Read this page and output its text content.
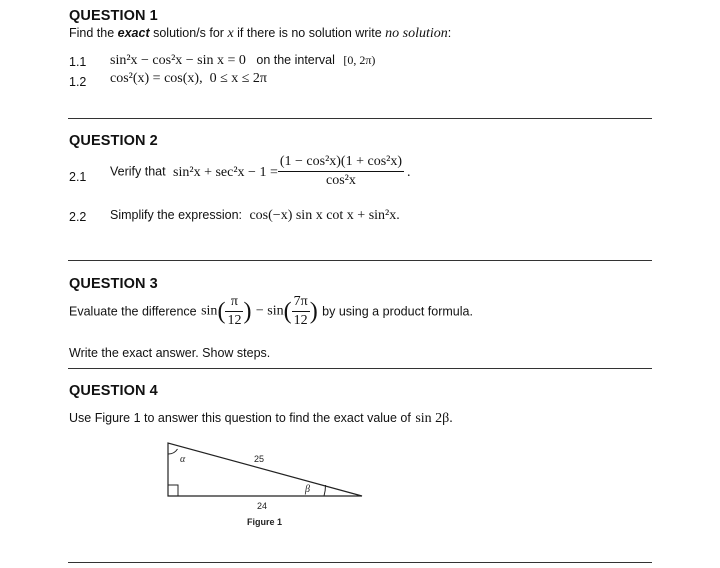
QUESTION 1
Find the exact solution/s for x if there is no solution write no solution:
1.1 sin²x − cos²x − sin x = 0 on the interval [0, 2π)
1.2 cos²(x) = cos(x),  0 ≤ x ≤ 2π
QUESTION 2
2.1 Verify that $\sin^2x + \sec^2x - 1 = \frac{\text{(1 − cos²x)(1 + cos²x)}}{\text{cos²x}}$ .
2.2 Simplify the expression: cos(−x) sin x cot x + sin²x.
QUESTION 3
Evaluate the difference $\sin( \frac{\pi}{12}$ ) − $\sin( \frac{7\pi}{12}$ ) by using a product formula.
Write the exact answer. Show steps.
QUESTION 4
Use Figure 1 to answer this question to find the exact value of sin 2β.
α
β
25
24
Figure 1
